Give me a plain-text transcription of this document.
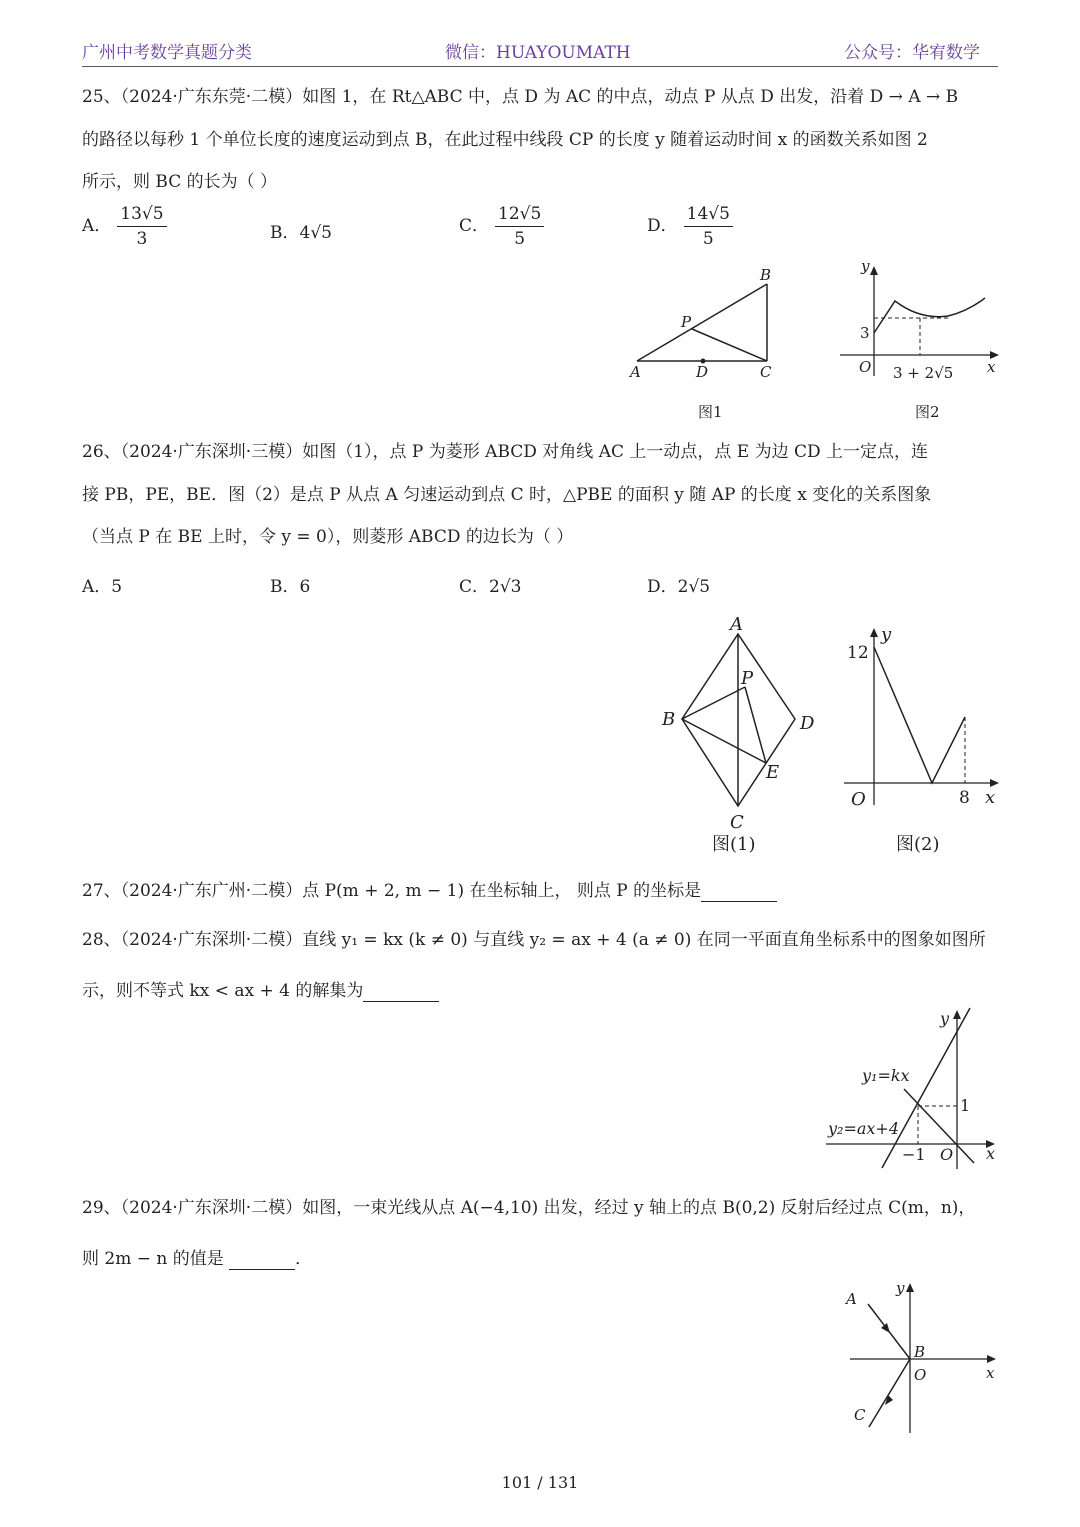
广州中考数学真题分类	微信：HUAYOUMATH	公众号：华宥数学
25、（2024·广东东莞·二模）如图 1，在 Rt△ABC 中，点 D 为 AC 的中点，动点 P 从点 D 出发，沿着 D → A → B
的路径以每秒 1 个单位长度的速度运动到点 B，在此过程中线段 CP 的长度 y 随着运动时间 x 的函数关系如图 2
所示，则 BC 的长为（ ）
A． $\frac{13√5}{3}$	B．4√5	C． $\frac{12√5}{5}$	D． $\frac{14√5}{5}$
A	D	C
B
P
图1
y
x
O
3
3 + 2√5
图2
26、（2024·广东深圳·三模）如图（1），点 P 为菱形 ABCD 对角线 AC 上一动点，点 E 为边 CD 上一定点，连
接 PB，PE，BE．图（2）是点 P 从点 A 匀速运动到点 C 时，△PBE 的面积 y 随 AP 的长度 x 变化的关系图象
（当点 P 在 BE 上时，令 y = 0），则菱形 ABCD 的边长为（ ）
A．5	B．6	C．2√3	D．2√5
A
B	D
C
E
P
图(1)
y
12
O	8 x
图(2)
27、（2024·广东广州·二模）点 P(m + 2, m − 1) 在坐标轴上， 则点 P 的坐标是
28、（2024·广东深圳·二模）直线 y₁ = kx (k ≠ 0) 与直线 y₂ = ax + 4 (a ≠ 0) 在同一平面直角坐标系中的图象如图所
示，则不等式 kx < ax + 4 的解集为
y
x
O
y₁=kx
y₂=ax+4
1
−1
29、（2024·广东深圳·二模）如图，一束光线从点 A(−4,10) 出发，经过 y 轴上的点 B(0,2) 反射后经过点 C(m，n)，
则 2m − n 的值是	．
y
x
O
A
B
C
101 / 131
